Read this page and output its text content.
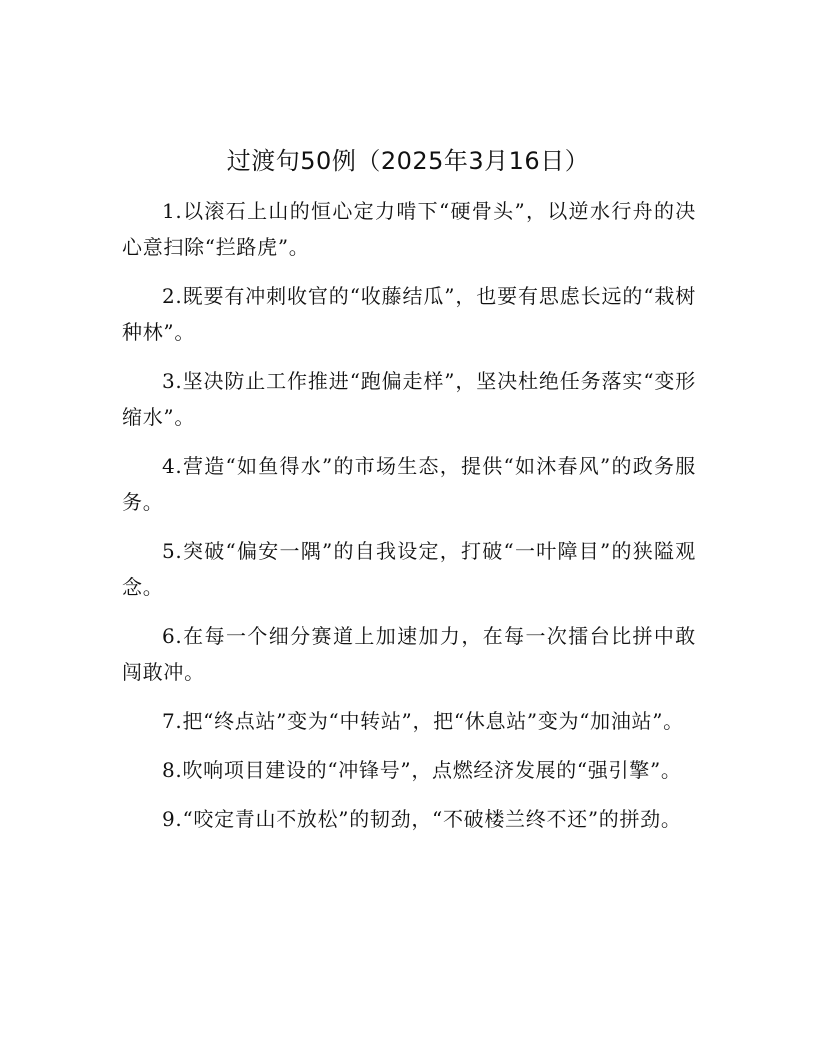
过渡句50例（2025年3月16日）

1.以滚石上山的恒心定力啃下“硬骨头”，以逆水行舟的决心意扫除“拦路虎”。

2.既要有冲刺收官的“收藤结瓜”，也要有思虑长远的“栽树种林”。

3.坚决防止工作推进“跑偏走样”，坚决杜绝任务落实“变形缩水”。

4.营造“如鱼得水”的市场生态，提供“如沐春风”的政务服务。

5.突破“偏安一隅”的自我设定，打破“一叶障目”的狭隘观念。

6.在每一个细分赛道上加速加力，在每一次擂台比拼中敢闯敢冲。

7.把“终点站”变为“中转站”，把“休息站”变为“加油站”。

8.吹响项目建设的“冲锋号”，点燃经济发展的“强引擎”。

9.“咬定青山不放松”的韧劲，“不破楼兰终不还”的拼劲。
